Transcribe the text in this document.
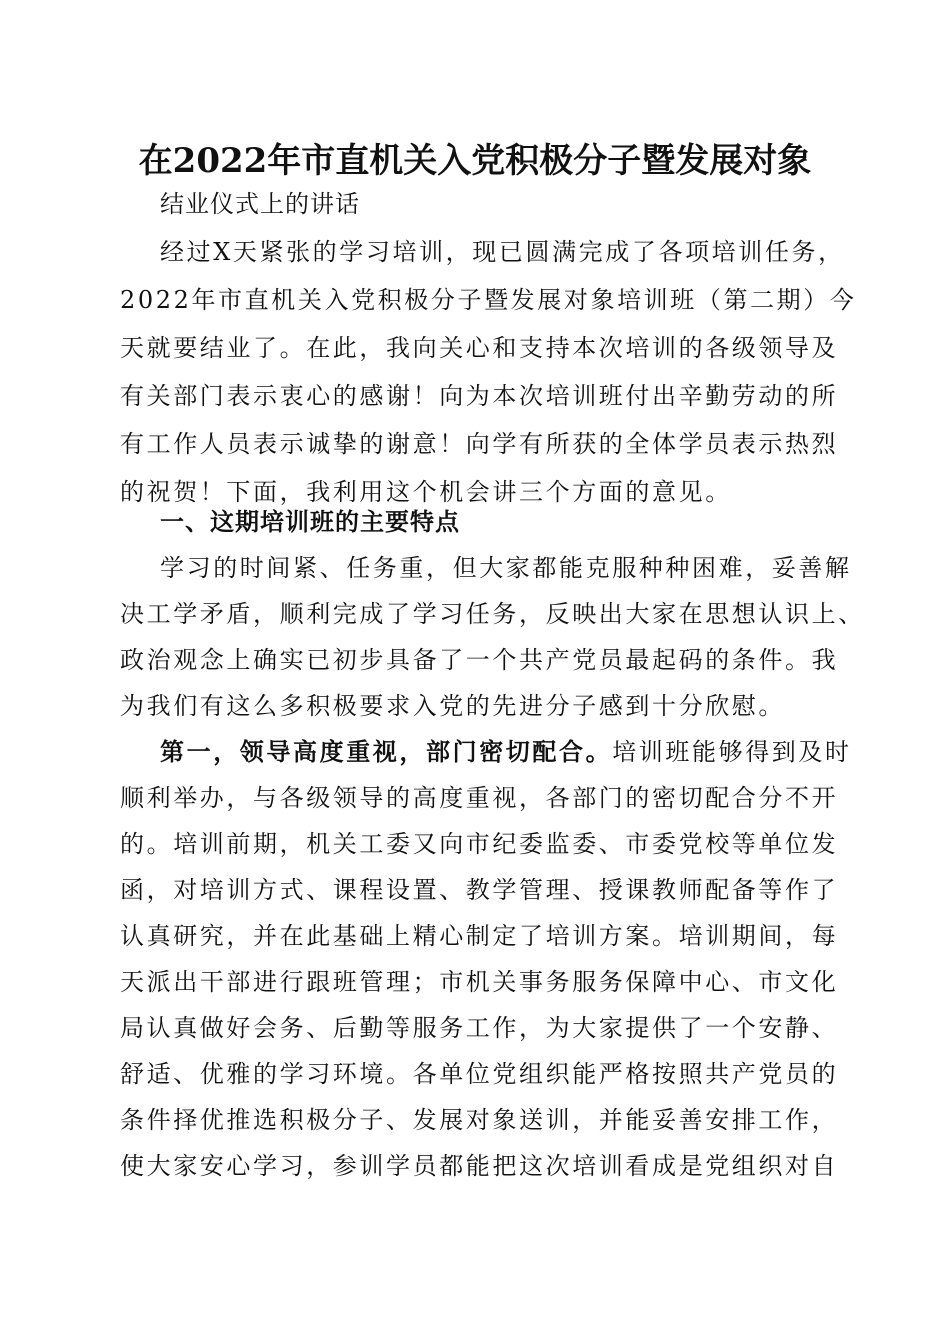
在2022年市直机关入党积极分子暨发展对象
结业仪式上的讲话
经过X天紧张的学习培训，现已圆满完成了各项培训任务，
2022年市直机关入党积极分子暨发展对象培训班（第二期）今
天就要结业了。在此，我向关心和支持本次培训的各级领导及
有关部门表示衷心的感谢！向为本次培训班付出辛勤劳动的所
有工作人员表示诚挚的谢意！向学有所获的全体学员表示热烈
的祝贺！下面，我利用这个机会讲三个方面的意见。
一、这期培训班的主要特点
学习的时间紧、任务重，但大家都能克服种种困难，妥善解
决工学矛盾，顺利完成了学习任务，反映出大家在思想认识上、
政治观念上确实已初步具备了一个共产党员最起码的条件。我
为我们有这么多积极要求入党的先进分子感到十分欣慰。
第一，领导高度重视，部门密切配合。培训班能够得到及时
顺利举办，与各级领导的高度重视，各部门的密切配合分不开
的。培训前期，机关工委又向市纪委监委、市委党校等单位发
函，对培训方式、课程设置、教学管理、授课教师配备等作了
认真研究，并在此基础上精心制定了培训方案。培训期间，每
天派出干部进行跟班管理；市机关事务服务保障中心、市文化
局认真做好会务、后勤等服务工作，为大家提供了一个安静、
舒适、优雅的学习环境。各单位党组织能严格按照共产党员的
条件择优推选积极分子、发展对象送训，并能妥善安排工作，
使大家安心学习，参训学员都能把这次培训看成是党组织对自
